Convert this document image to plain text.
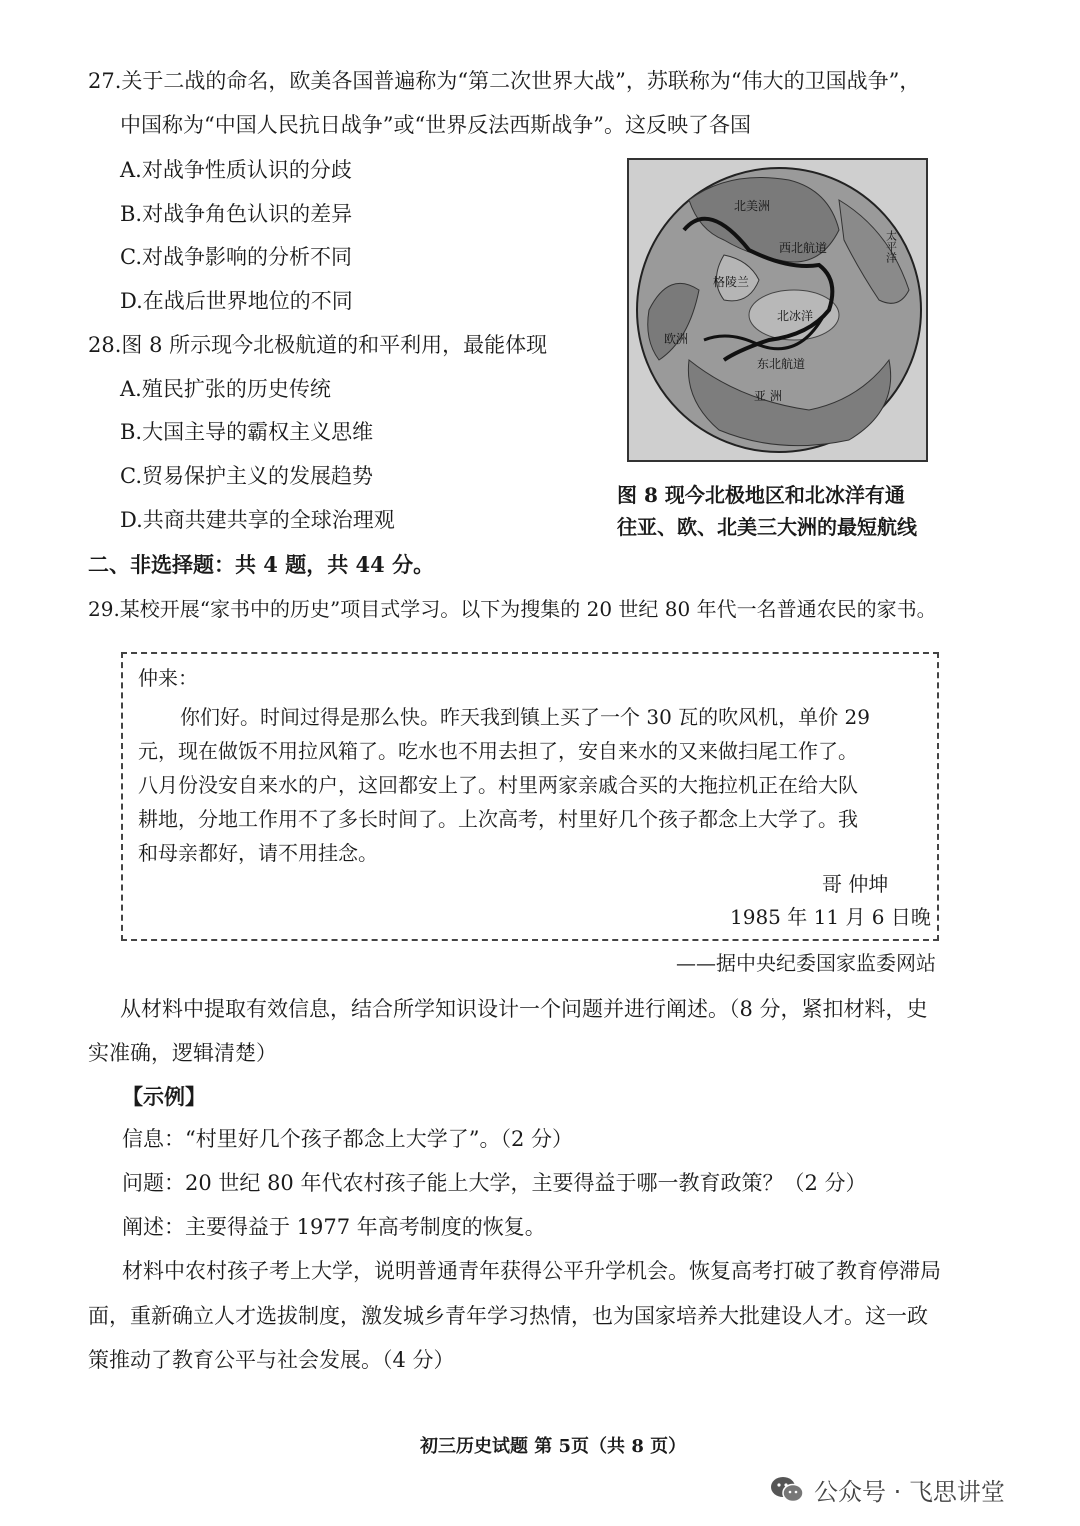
27.关于二战的命名，欧美各国普遍称为“第二次世界大战”，苏联称为“伟大的卫国战争”，
中国称为“中国人民抗日战争”或“世界反法西斯战争”。这反映了各国
A.对战争性质认识的分歧
B.对战争角色认识的差异
C.对战争影响的分析不同
D.在战后世界地位的不同
28.图 8 所示现今北极航道的和平利用，最能体现
A.殖民扩张的历史传统
B.大国主导的霸权主义思维
C.贸易保护主义的发展趋势
D.共商共建共享的全球治理观
北美洲
西北航道	太平洋
格陵兰
北冰洋
欧洲
东北航道
亚 洲
图 8 现今北极地区和北冰洋有通
往亚、欧、北美三大洲的最短航线
二、非选择题：共 4 题，共 44 分。
29.某校开展“家书中的历史”项目式学习。以下为搜集的 20 世纪 80 年代一名普通农民的家书。
仲来：
你们好。时间过得是那么快。昨天我到镇上买了一个 30 瓦的吹风机，单价 29
元，现在做饭不用拉风箱了。吃水也不用去担了，安自来水的又来做扫尾工作了。
八月份没安自来水的户，这回都安上了。村里两家亲戚合买的大拖拉机正在给大队
耕地，分地工作用不了多长时间了。上次高考，村里好几个孩子都念上大学了。我
和母亲都好，请不用挂念。
哥 仲坤
1985 年 11 月 6 日晚
——据中央纪委国家监委网站
从材料中提取有效信息，结合所学知识设计一个问题并进行阐述。（8 分，紧扣材料，史
实准确，逻辑清楚）
【示例】
信息：“村里好几个孩子都念上大学了”。（2 分）
问题：20 世纪 80 年代农村孩子能上大学，主要得益于哪一教育政策？（2 分）
阐述：主要得益于 1977 年高考制度的恢复。
材料中农村孩子考上大学，说明普通青年获得公平升学机会。恢复高考打破了教育停滞局
面，重新确立人才选拔制度，激发城乡青年学习热情，也为国家培养大批建设人才。这一政
策推动了教育公平与社会发展。（4 分）
初三历史试题 第 5页（共 8 页）
公众号 · 飞思讲堂
